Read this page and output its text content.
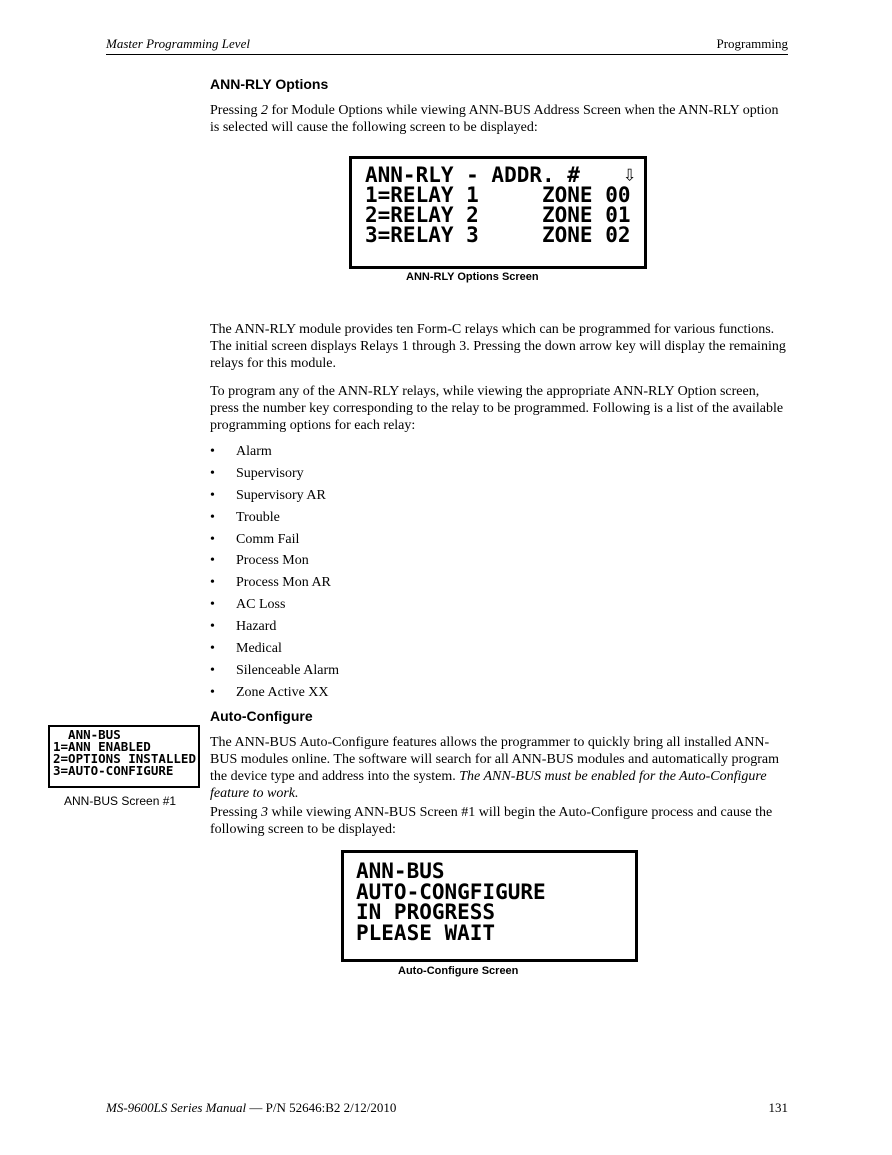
Master Programming Level	Programming
ANN-RLY Options
Pressing 2 for Module Options while viewing ANN-BUS Address Screen when the ANN-RLY option is selected will cause the following screen to be displayed:
ANN-RLY - ADDR. # ⇩
1=RELAY 1     ZONE 00
2=RELAY 2     ZONE 01
3=RELAY 3     ZONE 02
ANN-RLY Options Screen
The ANN-RLY module provides ten Form-C relays which can be programmed for various functions. The initial screen displays Relays 1 through 3. Pressing the down arrow key will display the remaining relays for this module.
To program any of the ANN-RLY relays, while viewing the appropriate ANN-RLY Option screen, press the number key corresponding to the relay to be programmed. Following is a list of the available programming options for each relay:
• Alarm
• Supervisory
• Supervisory AR
• Trouble
• Comm Fail
• Process Mon
• Process Mon AR
• AC Loss
• Hazard
• Medical
• Silenceable Alarm
• Zone Active XX
Auto-Configure
ANN-BUS
1=ANN ENABLED
2=OPTIONS INSTALLED
3=AUTO-CONFIGURE
ANN-BUS Screen #1
The ANN-BUS Auto-Configure features allows the programmer to quickly bring all installed ANN-BUS modules online. The software will search for all ANN-BUS modules and automatically program the device type and address into the system. The ANN-BUS must be enabled for the Auto-Configure feature to work.
Pressing 3 while viewing ANN-BUS Screen #1 will begin the Auto-Configure process and cause the following screen to be displayed:
ANN-BUS
AUTO-CONGFIGURE
IN PROGRESS
PLEASE WAIT
Auto-Configure Screen
MS-9600LS Series Manual — P/N 52646:B2 2/12/2010	131
